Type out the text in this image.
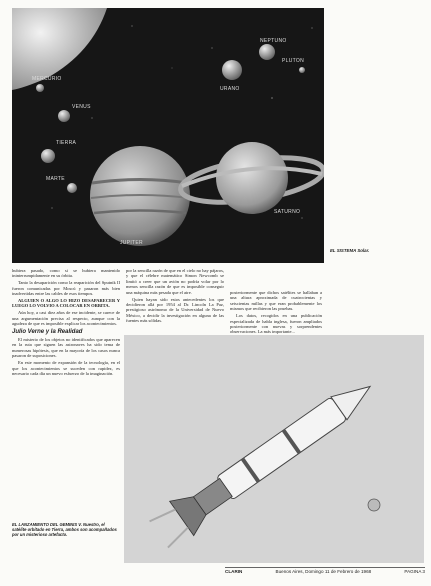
MERCURIO
VENUS
TIERRA
MARTE
JUPITER
SATURNO
URANO
NEPTUNO
PLUTON
EL SISTEMA Solar.

hubiera pasado, como si se hubiera mantenido ininterrumpidamente en su órbita.

Tanto la desaparición como la reaparición del Sputnik II fueron comunicadas por Moscú y pasaron más bien inadvertidas entre las cables de esos tiempos.

ALGUIEN O ALGO LO HIZO DESAPARECER Y LUEGO LO VOLVIO A COLOCAR EN ORBITA.

Aún hoy, a casi diez años de ese incidente, se carece de una argumentación precisa al respecto, aunque con la agudeza de que es imposible explicar los acontecimientos.

Julio Verne y la Realidad

El misterio de los objetos no identificados que aparecen en la ruta que siguen las astronaves ha sido tema de numerosas hipótesis, que en la mayoría de los casos nunca pasaron de suposiciones.

En este momento de expansión de la tecnología, en el que los acontecimientos se suceden con rapidez, es necesario cada día un nuevo esfuerzo de la imaginación.

por la sencilla razón de que en el cielo no hay pájaros, y que el célebre matemático Simon Newcomb se limitó a creer que un avión no podría volar por lo menos sencilla razón de que es imposible conseguir una máquina más pesada que el aire.

Quien hayan sido estos antecedentes los que decidieron allá por 1954 al Dr. Lincoln La Paz, prestigioso astrónomo de la Universidad de Nuevo México, a decidir la investigación en alguna de las fuentes más sólidas.

posteriormente que dichos satélites se hallaban a una altura aproximada de cuatrocientas y seiscientas millas y que eran probablemente los mismos que recibieron las pruebas.

Los datos, recogidos en una publicación especializada de habla inglesa, fueron ampliados posteriormente con nuevas y sorprendentes observaciones. La más importante...

EL LANZAMIENTO DEL GEMINIS V. Nuestro, el satélite orbitado en Tierra, ambos son acompañados por un misterioso artefacto.
CLARIN	Buenos Aires, Domingo 11 de Febrero de 1968	PAGINA 3
